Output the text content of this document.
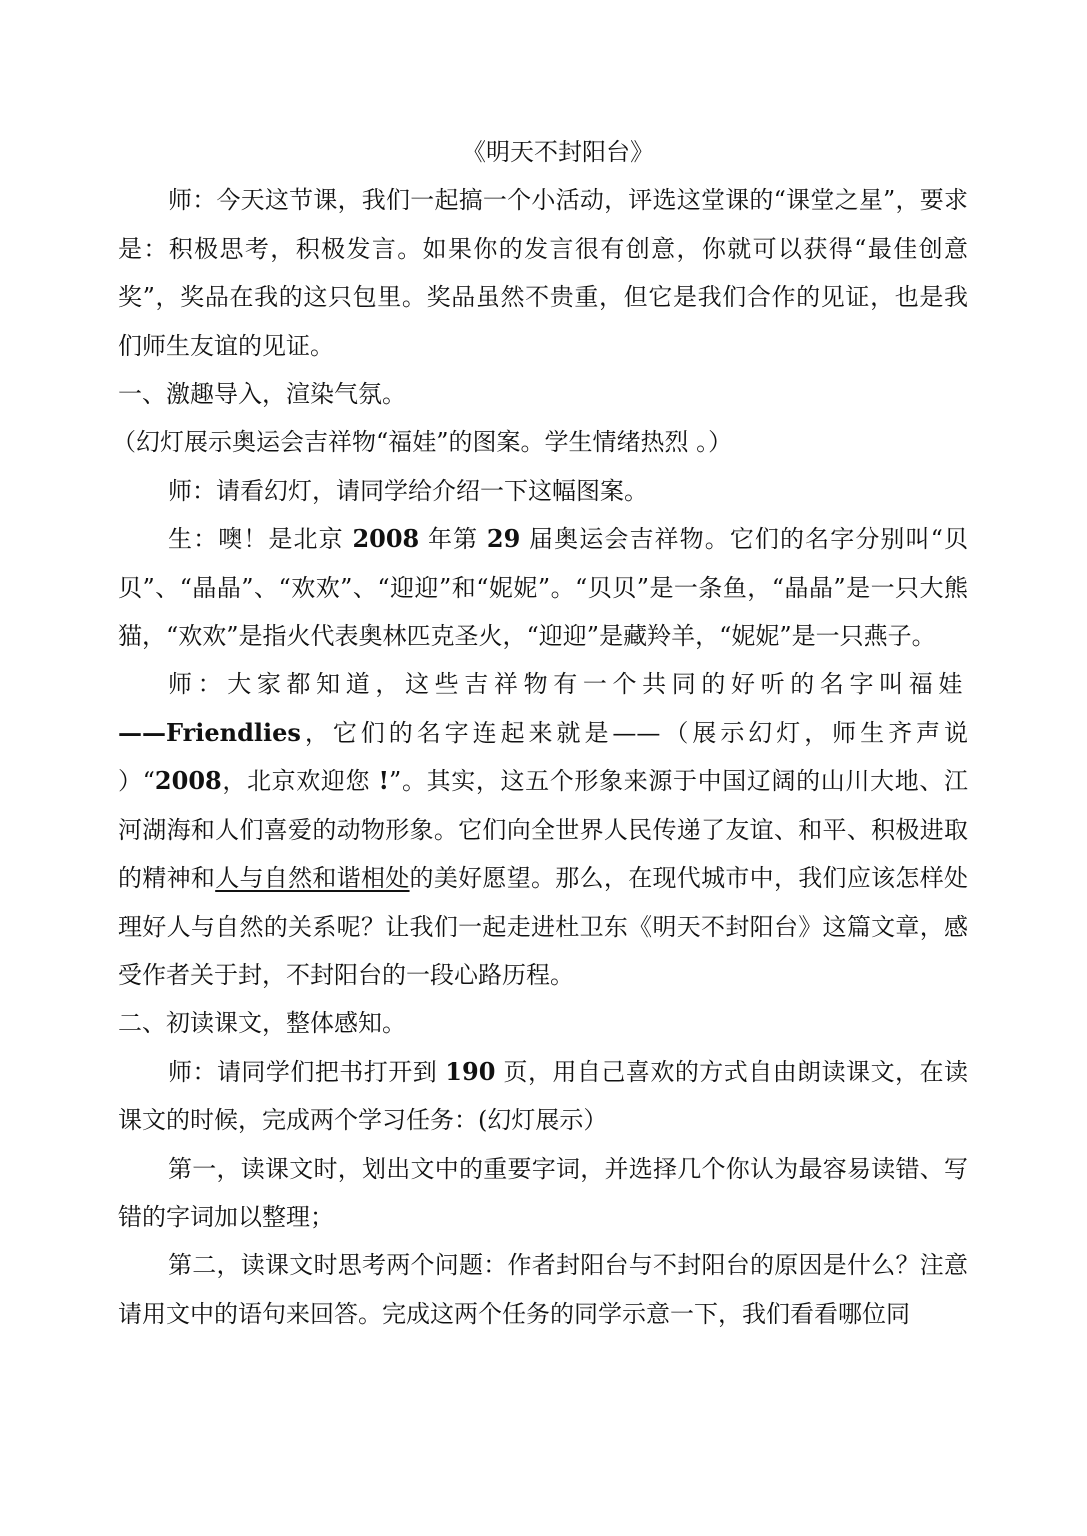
《明天不封阳台》

师：今天这节课，我们一起搞一个小活动，评选这堂课的“课堂之星”，要求是：积极思考，积极发言。如果你的发言很有创意，你就可以获得“最佳创意奖”，奖品在我的这只包里。奖品虽然不贵重，但它是我们合作的见证，也是我们师生友谊的见证。

一、激趣导入，渲染气氛。

（幻灯展示奥运会吉祥物“福娃”的图案。学生情绪热烈 。）

师：请看幻灯，请同学给介绍一下这幅图案。

生：噢！是北京 2008 年第 29 届奥运会吉祥物。它们的名字分别叫“贝贝”、“晶晶”、“欢欢”、“迎迎”和“妮妮”。“贝贝”是一条鱼，“晶晶”是一只大熊猫，“欢欢”是指火代表奥林匹克圣火，“迎迎”是藏羚羊，“妮妮”是一只燕子。

师：大家都知道，这些吉祥物有一个共同的好听的名字叫福娃——Friendlies，它们的名字连起来就是——（展示幻灯，师生齐声说 ）“2008，北京欢迎您 !”。其实，这五个形象来源于中国辽阔的山川大地、江河湖海和人们喜爱的动物形象。它们向全世界人民传递了友谊、和平、积极进取的精神和人与自然和谐相处的美好愿望。那么，在现代城市中，我们应该怎样处理好人与自然的关系呢？让我们一起走进杜卫东《明天不封阳台》这篇文章，感受作者关于封，不封阳台的一段心路历程。

二、初读课文，整体感知。

师：请同学们把书打开到 190 页，用自己喜欢的方式自由朗读课文，在读课文的时候，完成两个学习任务：(幻灯展示）

第一，读课文时，划出文中的重要字词，并选择几个你认为最容易读错、写错的字词加以整理；

第二，读课文时思考两个问题：作者封阳台与不封阳台的原因是什么？注意请用文中的语句来回答。完成这两个任务的同学示意一下，我们看看哪位同
